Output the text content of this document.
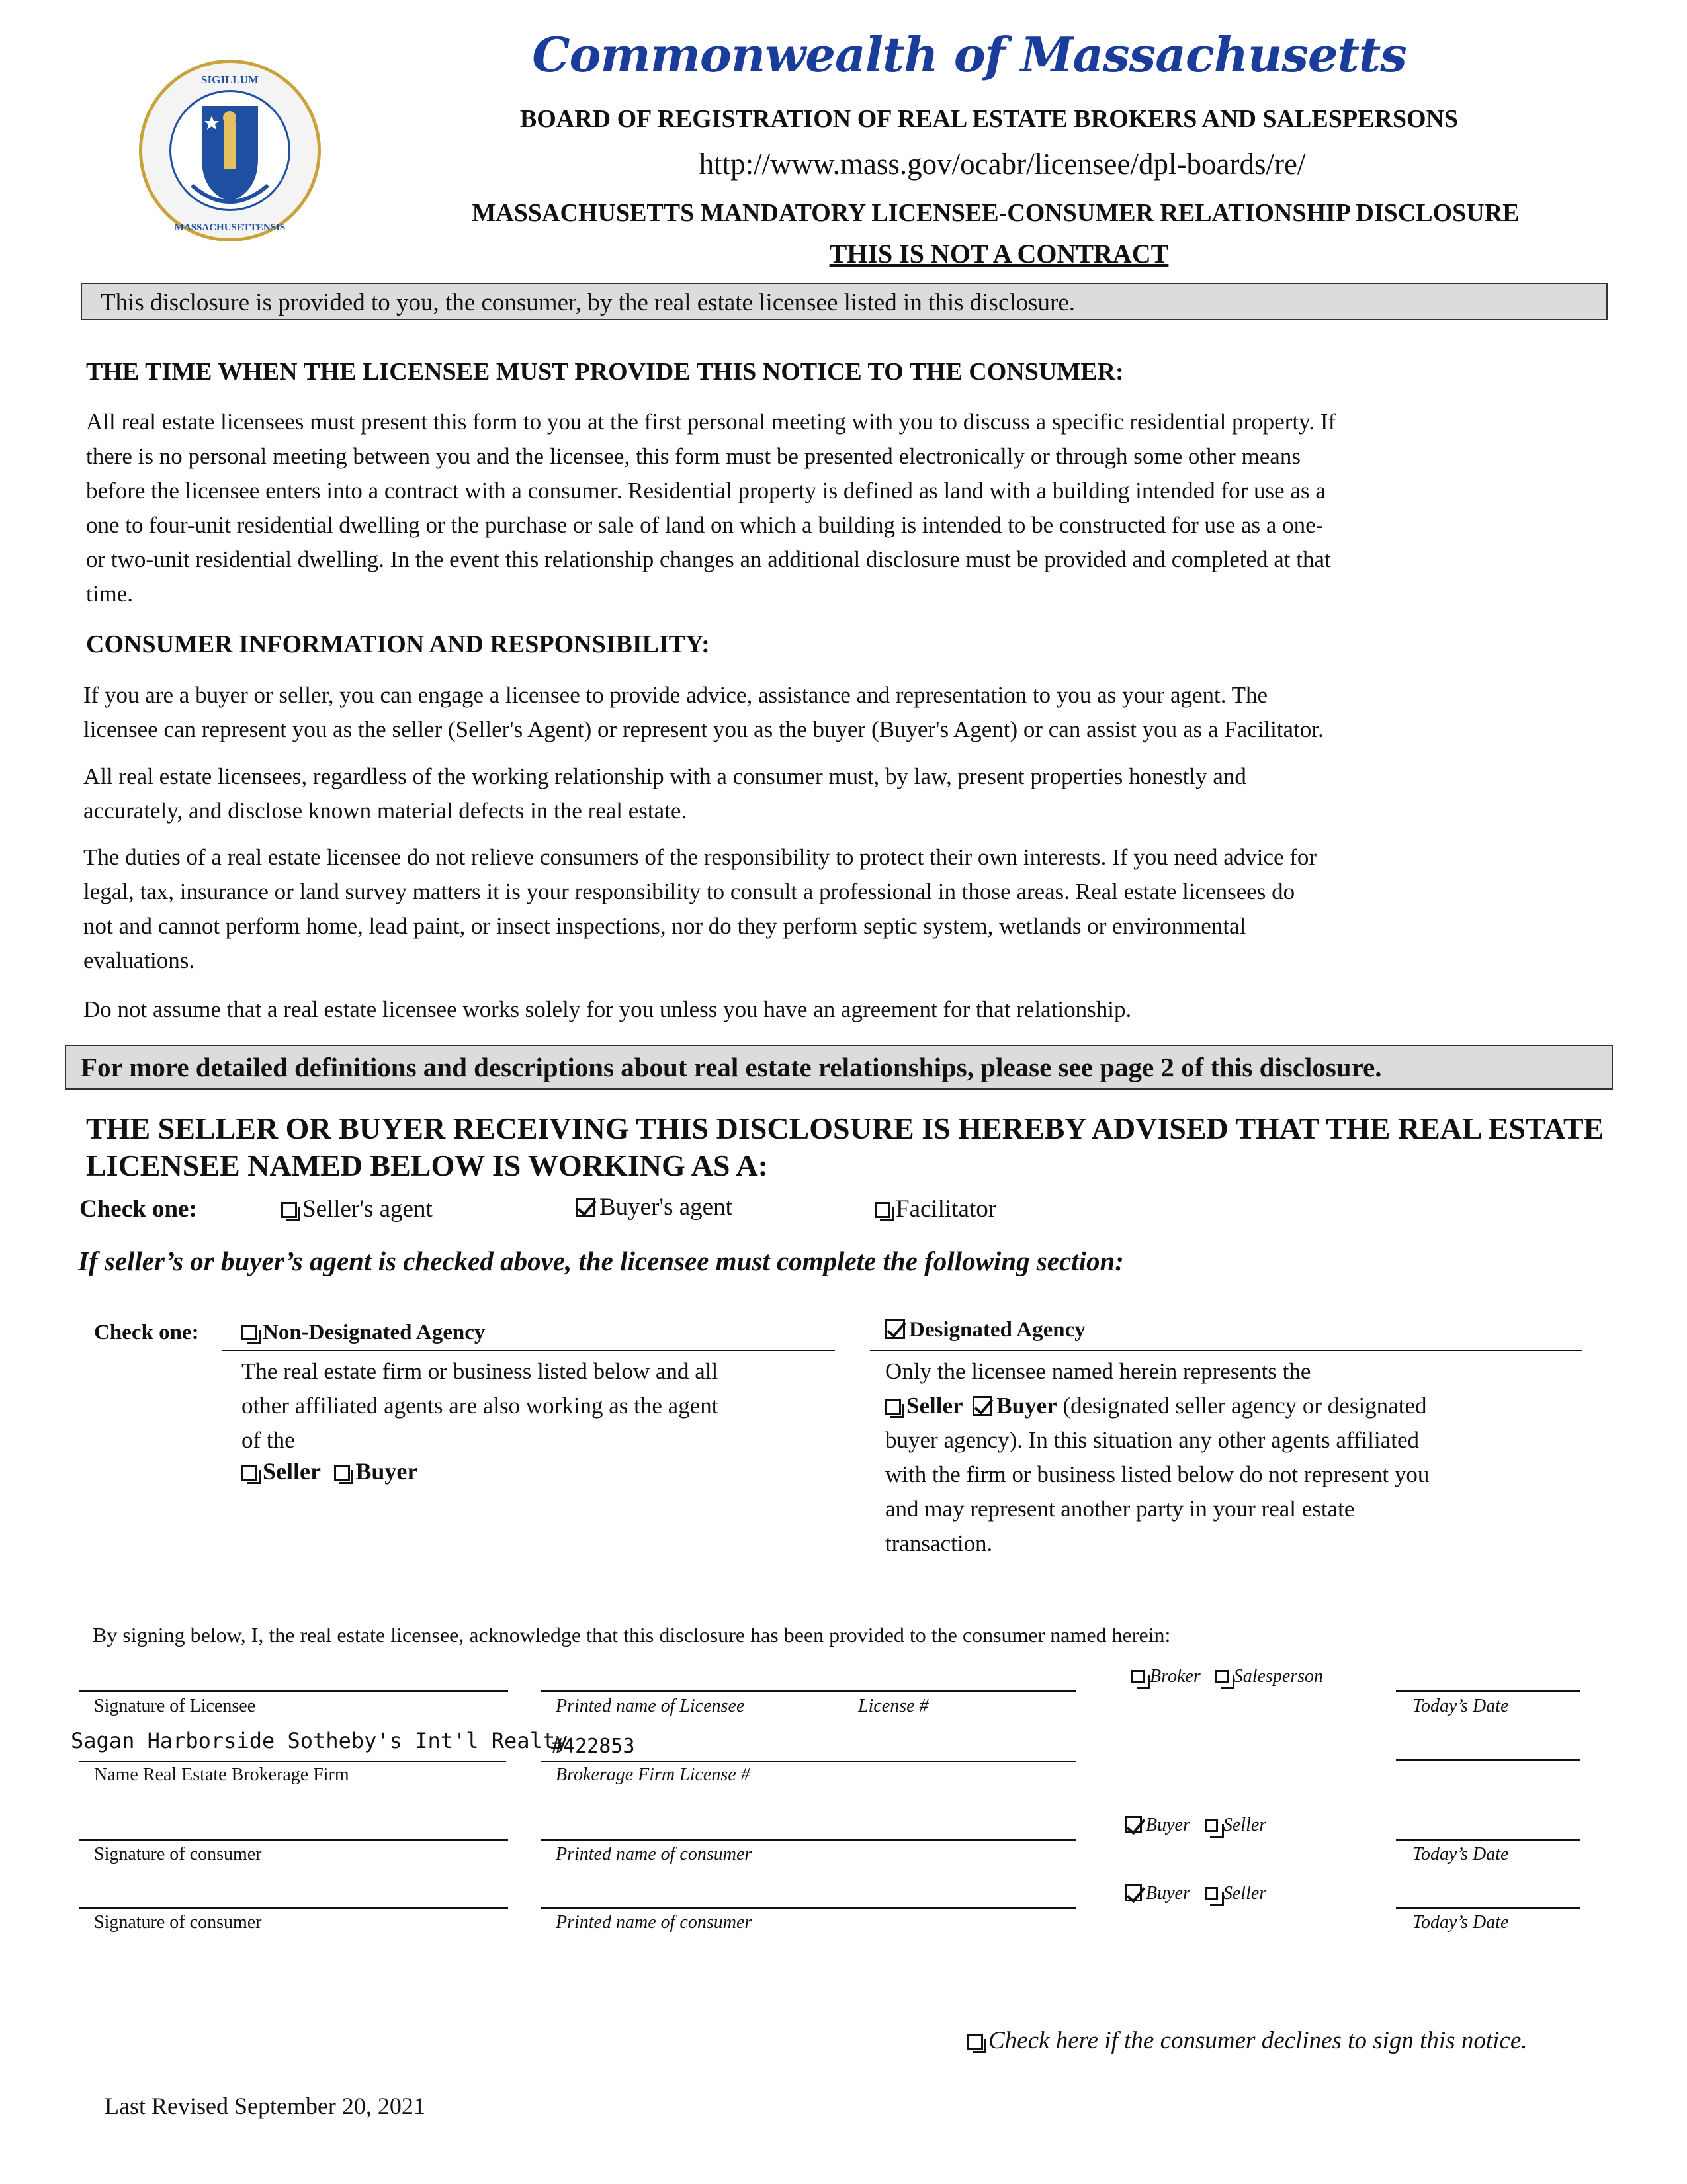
SIGILLUM
MASSACHUSETTENSIS
Commonwealth of Massachusetts
BOARD OF REGISTRATION OF REAL ESTATE BROKERS AND SALESPERSONS
http://www.mass.gov/ocabr/licensee/dpl-boards/re/
MASSACHUSETTS MANDATORY LICENSEE-CONSUMER RELATIONSHIP DISCLOSURE
THIS IS NOT A CONTRACT
This disclosure is provided to you, the consumer, by the real estate licensee listed in this disclosure.
THE TIME WHEN THE LICENSEE MUST PROVIDE THIS NOTICE TO THE CONSUMER:
All real estate licensees must present this form to you at the first personal meeting with you to discuss a specific residential property. If
there is no personal meeting between you and the licensee, this form must be presented electronically or through some other means
before the licensee enters into a contract with a consumer. Residential property is defined as land with a building intended for use as a
one to four-unit residential dwelling or the purchase or sale of land on which a building is intended to be constructed for use as a one-
or two-unit residential dwelling. In the event this relationship changes an additional disclosure must be provided and completed at that
time.
CONSUMER INFORMATION AND RESPONSIBILITY:
If you are a buyer or seller, you can engage a licensee to provide advice, assistance and representation to you as your agent. The
licensee can represent you as the seller (Seller's Agent) or represent you as the buyer (Buyer's Agent) or can assist you as a Facilitator.
All real estate licensees, regardless of the working relationship with a consumer must, by law, present properties honestly and
accurately, and disclose known material defects in the real estate.
The duties of a real estate licensee do not relieve consumers of the responsibility to protect their own interests. If you need advice for
legal, tax, insurance or land survey matters it is your responsibility to consult a professional in those areas. Real estate licensees do
not and cannot perform home, lead paint, or insect inspections, nor do they perform septic system, wetlands or environmental
evaluations.
Do not assume that a real estate licensee works solely for you unless you have an agreement for that relationship.
For more detailed definitions and descriptions about real estate relationships, please see page 2 of this disclosure.
THE SELLER OR BUYER RECEIVING THIS DISCLOSURE IS HEREBY ADVISED THAT THE REAL ESTATE
LICENSEE NAMED BELOW IS WORKING AS A:
Check one:	Seller's agent	Buyer's agent	Facilitator
If seller’s or buyer’s agent is checked above, the licensee must complete the following section:
Check one:	Non-Designated Agency
The real estate firm or business listed below and all
other affiliated agents are also working as the agent
of the
Seller Buyer
Designated Agency
Only the licensee named herein represents the
Seller Buyer (designated seller agency or designated
buyer agency). In this situation any other agents affiliated
with the firm or business listed below do not represent you
and may represent another party in your real estate
transaction.
By signing below, I, the real estate licensee, acknowledge that this disclosure has been provided to the consumer named herein:
Broker Salesperson
Signature of Licensee	Printed name of Licensee	License #	Today’s Date
Sagan Harborside Sotheby's Int'l Realty
#422853
Name Real Estate Brokerage Firm	Brokerage Firm License #
Buyer Seller
Signature of consumer	Printed name of consumer	Today’s Date
Buyer Seller
Signature of consumer	Printed name of consumer	Today’s Date
Check here if the consumer declines to sign this notice.
Last Revised September 20, 2021
